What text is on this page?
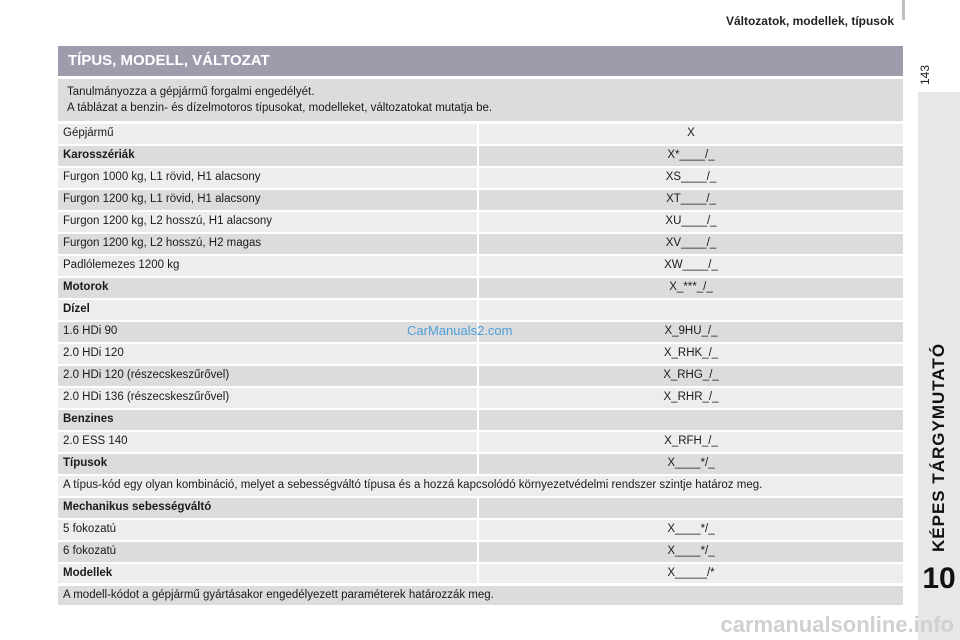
Változatok, modellek, típusok
143
KÉPES TÁRGYMUTATÓ
10
TÍPUS, MODELL, VÁLTOZAT

Tanulmányozza a gépjármű forgalmi engedélyét.

A táblázat a benzin- és dízelmotoros típusokat, modelleket, változatokat mutatja be.

Gépjármű	X
Karosszériák	X*____/_
Furgon 1000 kg, L1 rövid, H1 alacsony	XS____/_
Furgon 1200 kg, L1 rövid, H1 alacsony	XT____/_
Furgon 1200 kg, L2 hosszú, H1 alacsony	XU____/_
Furgon 1200 kg, L2 hosszú, H2 magas	XV____/_
Padlólemezes 1200 kg	XW____/_
Motorok	X_***_/_
Dízel
1.6 HDi 90	X_9HU_/_
2.0 HDi 120	X_RHK_/_
2.0 HDi 120 (részecskeszűrővel)	X_RHG_/_
2.0 HDi 136 (részecskeszűrővel)	X_RHR_/_
Benzines
2.0 ESS 140	X_RFH_/_
Típusok	X____*/_
A típus-kód egy olyan kombináció, melyet a sebességváltó típusa és a hozzá kapcsolódó környezetvédelmi rendszer szintje határoz meg.
Mechanikus sebességváltó
5 fokozatú	X____*/_
6 fokozatú	X____*/_
Modellek	X_____/*
A modell-kódot a gépjármű gyártásakor engedélyezett paraméterek határozzák meg.
CarManuals2.com
carmanualsonline.info
